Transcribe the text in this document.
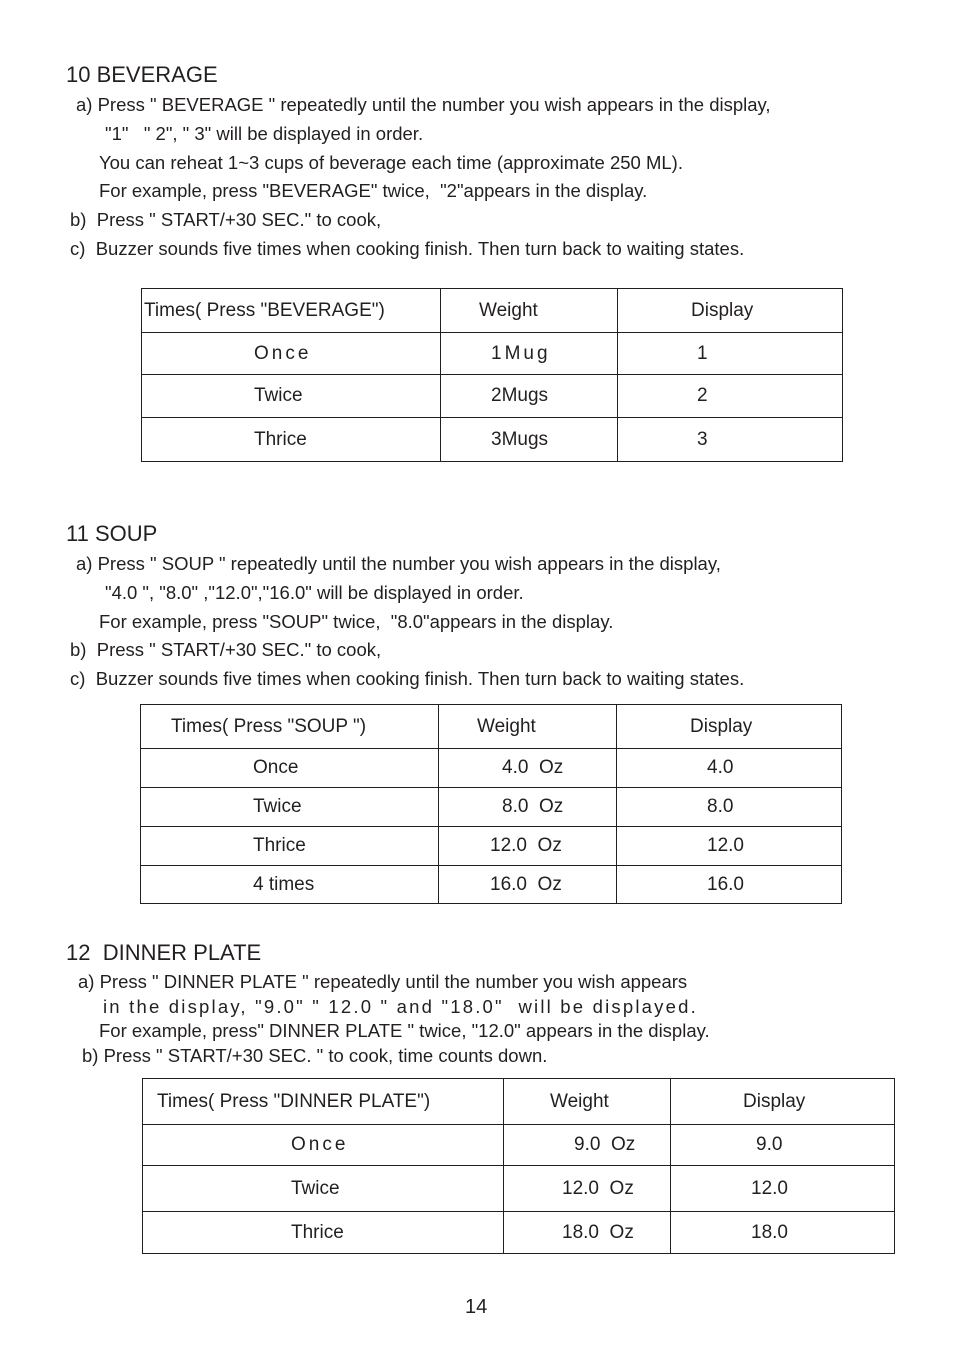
10 BEVERAGE
a) Press " BEVERAGE " repeatedly until the number you wish appears in the display,
"1"   " 2", " 3" will be displayed in order.
You can reheat 1~3 cups of beverage each time (approximate 250 ML).
For example, press "BEVERAGE" twice,  "2"appears in the display.
b)  Press " START/+30 SEC." to cook,
c)  Buzzer sounds five times when cooking finish. Then turn back to waiting states.
Times( Press "BEVERAGE")	Weight	Display
Once	1Mug	1
Twice	2Mugs	2
Thrice	3Mugs	3
11 SOUP
a) Press " SOUP " repeatedly until the number you wish appears in the display,
"4.0 ", "8.0" ,"12.0","16.0" will be displayed in order.
For example, press "SOUP" twice,  "8.0"appears in the display.
b)  Press " START/+30 SEC." to cook,
c)  Buzzer sounds five times when cooking finish. Then turn back to waiting states.
Times( Press "SOUP ")	Weight	Display
Once	4.0  Oz	4.0
Twice	8.0  Oz	8.0
Thrice	12.0  Oz	12.0
4 times	16.0  Oz	16.0
12  DINNER PLATE
a) Press " DINNER PLATE " repeatedly until the number you wish appears
in the display, "9.0" " 12.0 " and "18.0"  will be displayed.
For example, press" DINNER PLATE " twice, "12.0" appears in the display.
b) Press " START/+30 SEC. " to cook, time counts down.
Times( Press "DINNER PLATE")	Weight	Display
Once	9.0  Oz	9.0
Twice	12.0  Oz	12.0
Thrice	18.0  Oz	18.0
14
